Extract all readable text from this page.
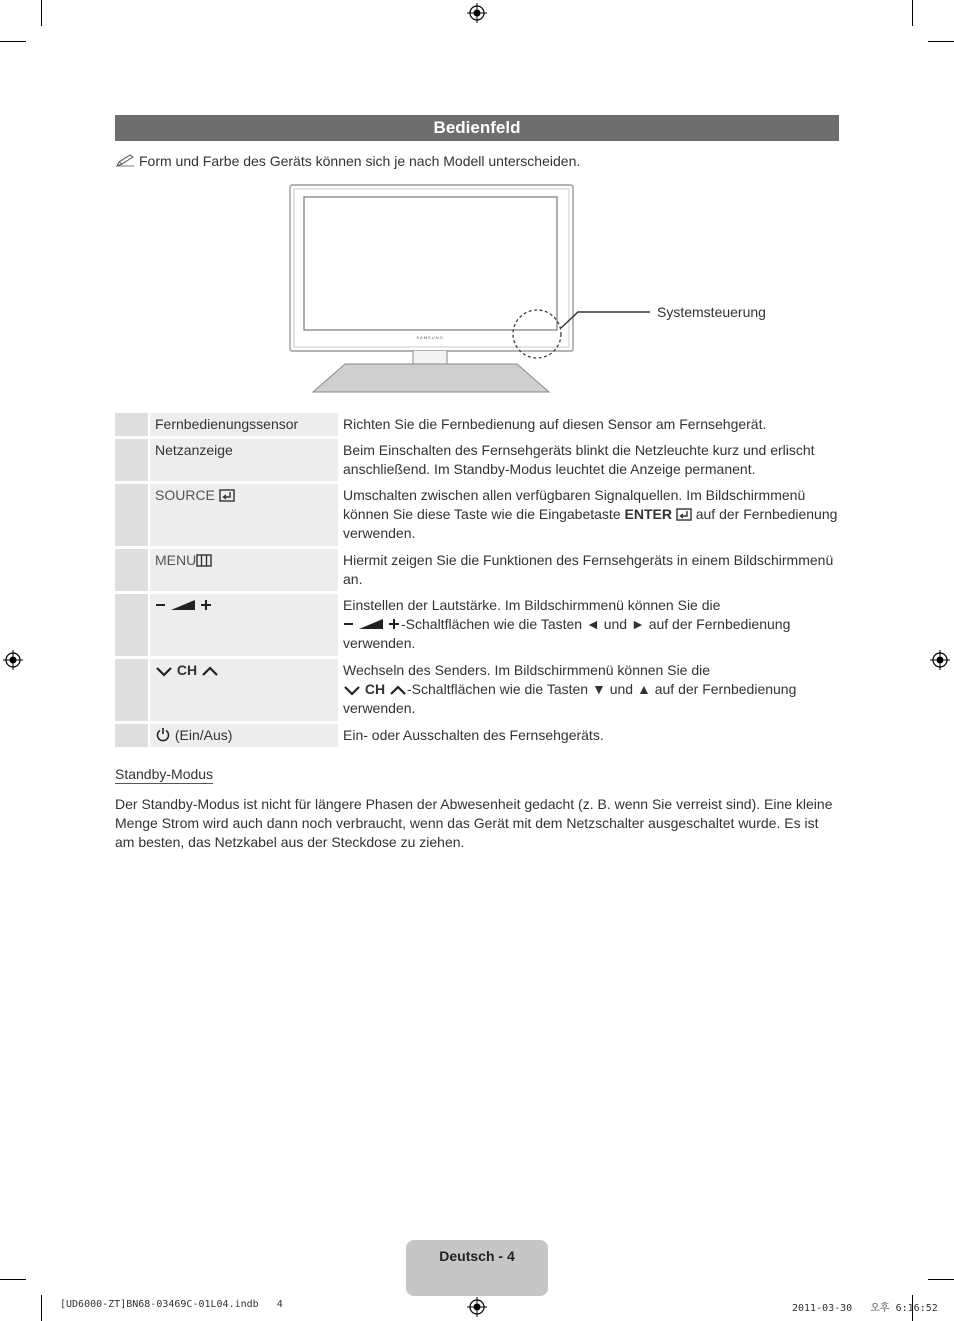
Bedienfeld
Form und Farbe des Geräts können sich je nach Modell unterscheiden.
SAMSUNG
Systemsteuerung
	Fernbedienungssensor	Richten Sie die Fernbedienung auf diesen Sensor am Fernsehgerät.
	Netzanzeige	Beim Einschalten des Fernsehgeräts blinkt die Netzleuchte kurz und erlischt anschließend. Im Standby-Modus leuchtet die Anzeige permanent.
	SOURCE	Umschalten zwischen allen verfügbaren Signalquellen. Im Bildschirmmenü können Sie diese Taste wie die Eingabetaste ENTER  auf der Fernbedienung verwenden.
	MENU	Hiermit zeigen Sie die Funktionen des Fernsehgeräts in einem Bildschirmmenü an.
		Einstellen der Lautstärke. Im Bildschirmmenü können Sie die
-Schaltflächen wie die Tasten ◄ und ► auf der Fernbedienung verwenden.
	CH	Wechseln des Senders. Im Bildschirmmenü können Sie die
CH -Schaltflächen wie die Tasten ▼ und ▲ auf der Fernbedienung verwenden.
	(Ein/Aus)	Ein- oder Ausschalten des Fernsehgeräts.
Standby-Modus
Der Standby-Modus ist nicht für längere Phasen der Abwesenheit gedacht (z. B. wenn Sie verreist sind). Eine kleine Menge Strom wird auch dann noch verbraucht, wenn das Gerät mit dem Netzschalter ausgeschaltet wurde. Es ist am besten, das Netzkabel aus der Steckdose zu ziehen.
Deutsch - 4
[UD6000-ZT]BN68-03469C-01L04.indb   4	2011-03-30   오후 6:16:52
